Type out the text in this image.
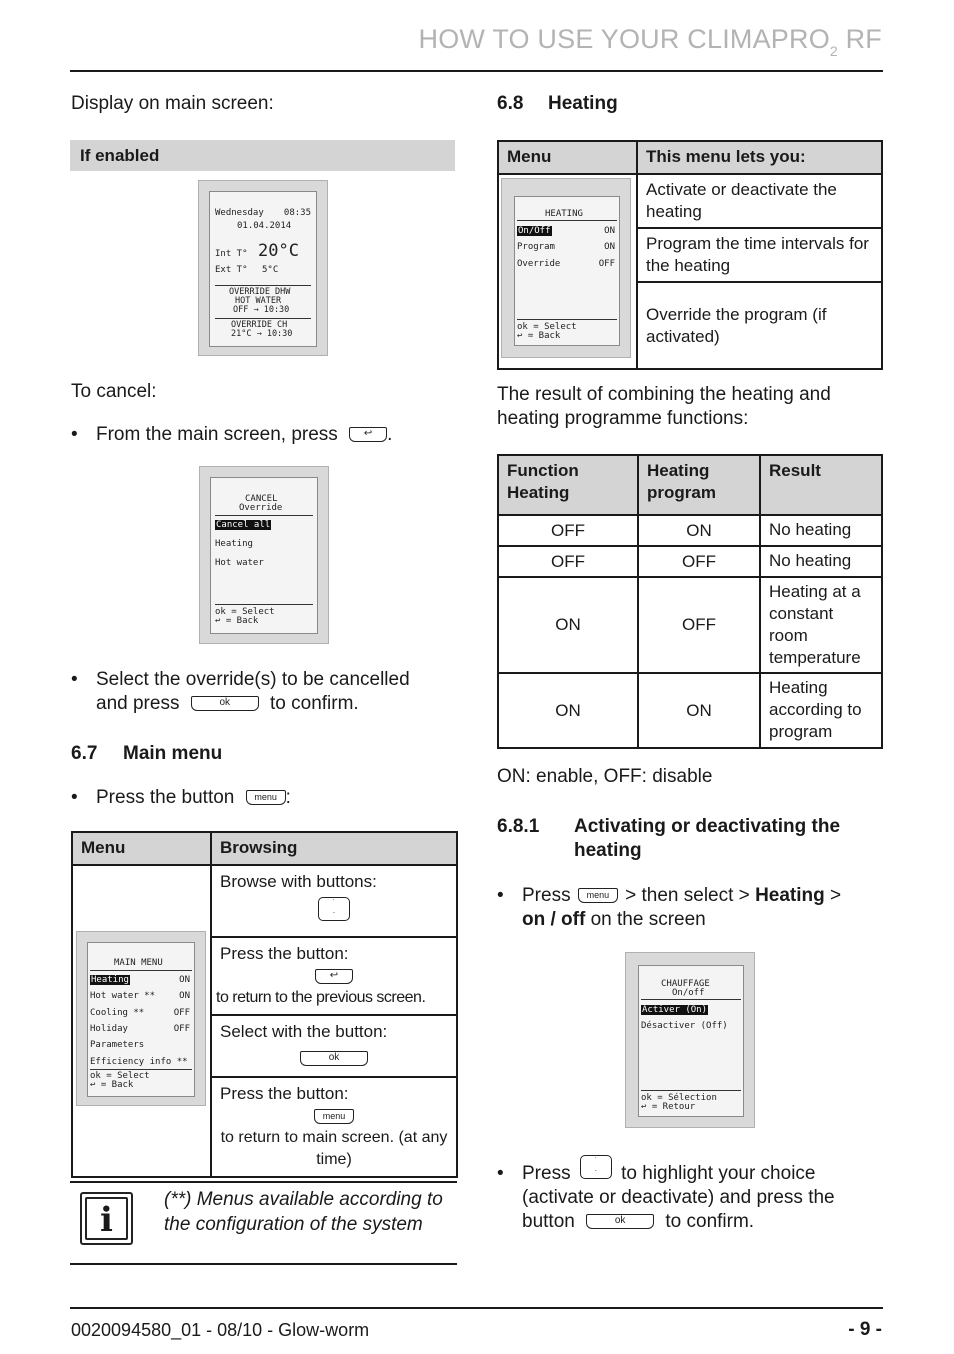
HOW TO USE YOUR $CLIMAPRO_2$ RF
Display on main screen:
If enabled
Wednesday 08:35
01.04.2014
Int T° 20°C
Ext T° 5°C
OVERRIDE DHW
HOT WATER
OFF → 10:30
OVERRIDE CH
21°C → 10:30
To cancel:
• From the main screen, press	↩ .
CANCEL
Override
Cancel all
Heating
Hot water
ok = Select
↩ = Back
• Select the override(s) to be cancelled
and press	ok to confirm.
6.7 Main menu
• Press the button menu :
Menu	Browsing

	Browse with buttons:
˙
·

	Press the button:
↩
to return to the previous screen.

	Select with the button:
ok

	Press the button:
menu
to return to main screen. (at any time)
MAIN MENU
Heating	ON
Hot water **	ON
Cooling **	OFF
Holiday	OFF
Parameters
Efficiency info **
ok = Select
↩ = Back
i
(**) Menus available according to the configuration of the system
6.8 Heating
Menu	This menu lets you:
	Activate or deactivate the heating
	Program the time intervals for the heating
	Override the program (if activated)
HEATING
On/Off	ON
Program	ON
Override	OFF
ok = Select
↩ = Back
The result of combining the heating and heating programme functions:
Function Heating	Heating program	Result
OFF	ON	No heating
OFF	OFF	No heating
ON	OFF	Heating at a constant room temperature
ON	ON	Heating according to program
ON: enable, OFF: disable
6.8.1 Activating or deactivating the
heating
• Press menu > then select > Heating >
on / off on the screen
CHAUFFAGE
On/off
Activer (On)
Désactiver (Off)
ok = Sélection
↩ = Retour
• Press ˙
· to highlight your choice
(activate or deactivate) and press the
button	ok to confirm.
0020094580_01 - 08/10 - Glow-worm	- 9 -
